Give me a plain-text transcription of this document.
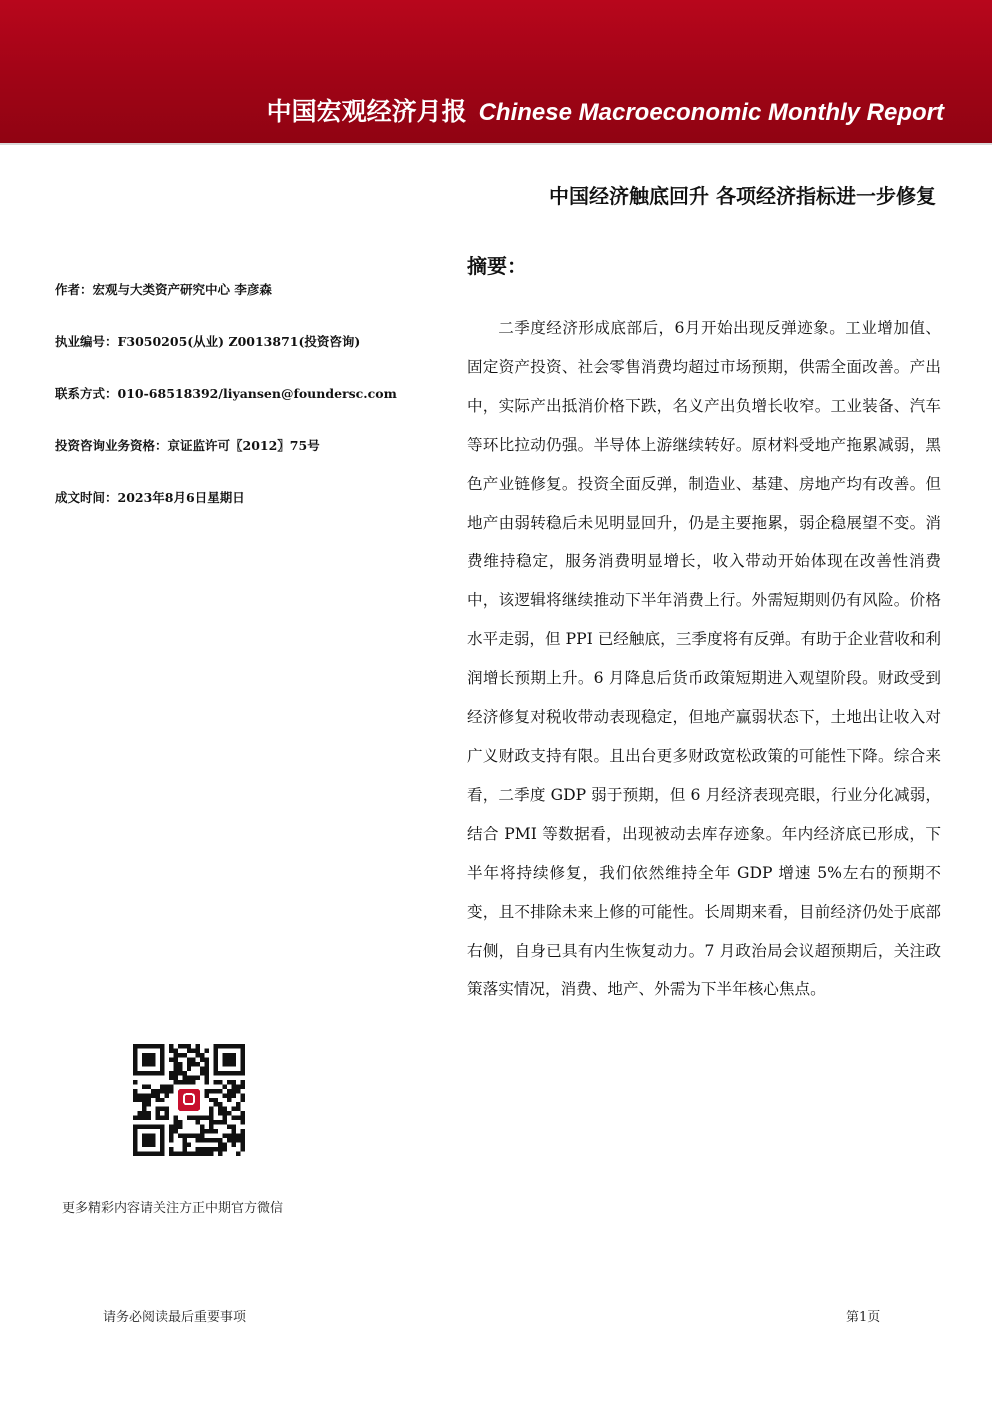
中国宏观经济月报 Chinese Macroeconomic Monthly Report
中国经济触底回升 各项经济指标进一步修复
摘要：

二季度经济形成底部后，6月开始出现反弹迹象。工业增加值、固定资产投资、社会零售消费均超过市场预期，供需全面改善。产出中，实际产出抵消价格下跌，名义产出负增长收窄。工业装备、汽车等环比拉动仍强。半导体上游继续转好。原材料受地产拖累减弱，黑色产业链修复。投资全面反弹，制造业、基建、房地产均有改善。但地产由弱转稳后未见明显回升，仍是主要拖累，弱企稳展望不变。消费维持稳定，服务消费明显增长，收入带动开始体现在改善性消费中，该逻辑将继续推动下半年消费上行。外需短期则仍有风险。价格水平走弱，但 PPI 已经触底，三季度将有反弹。有助于企业营收和利润增长预期上升。6 月降息后货币政策短期进入观望阶段。财政受到经济修复对税收带动表现稳定，但地产赢弱状态下，土地出让收入对广义财政支持有限。且出台更多财政宽松政策的可能性下降。综合来看，二季度 GDP 弱于预期，但 6 月经济表现亮眼，行业分化减弱，结合 PMI 等数据看，出现被动去库存迹象。年内经济底已形成，下半年将持续修复，我们依然维持全年 GDP 增速 5%左右的预期不变，且不排除未来上修的可能性。长周期来看，目前经济仍处于底部右侧，自身已具有内生恢复动力。7 月政治局会议超预期后，关注政策落实情况，消费、地产、外需为下半年核心焦点。

作者：宏观与大类资产研究中心 李彦森
执业编号：F3050205(从业) Z0013871(投资咨询)
联系方式：010-68518392/liyansen@foundersc.com
投资咨询业务资格：京证监许可〖2012〗75号
成文时间：2023年8月6日星期日
更多精彩内容请关注方正中期官方微信
请务必阅读最后重要事项	第1页
